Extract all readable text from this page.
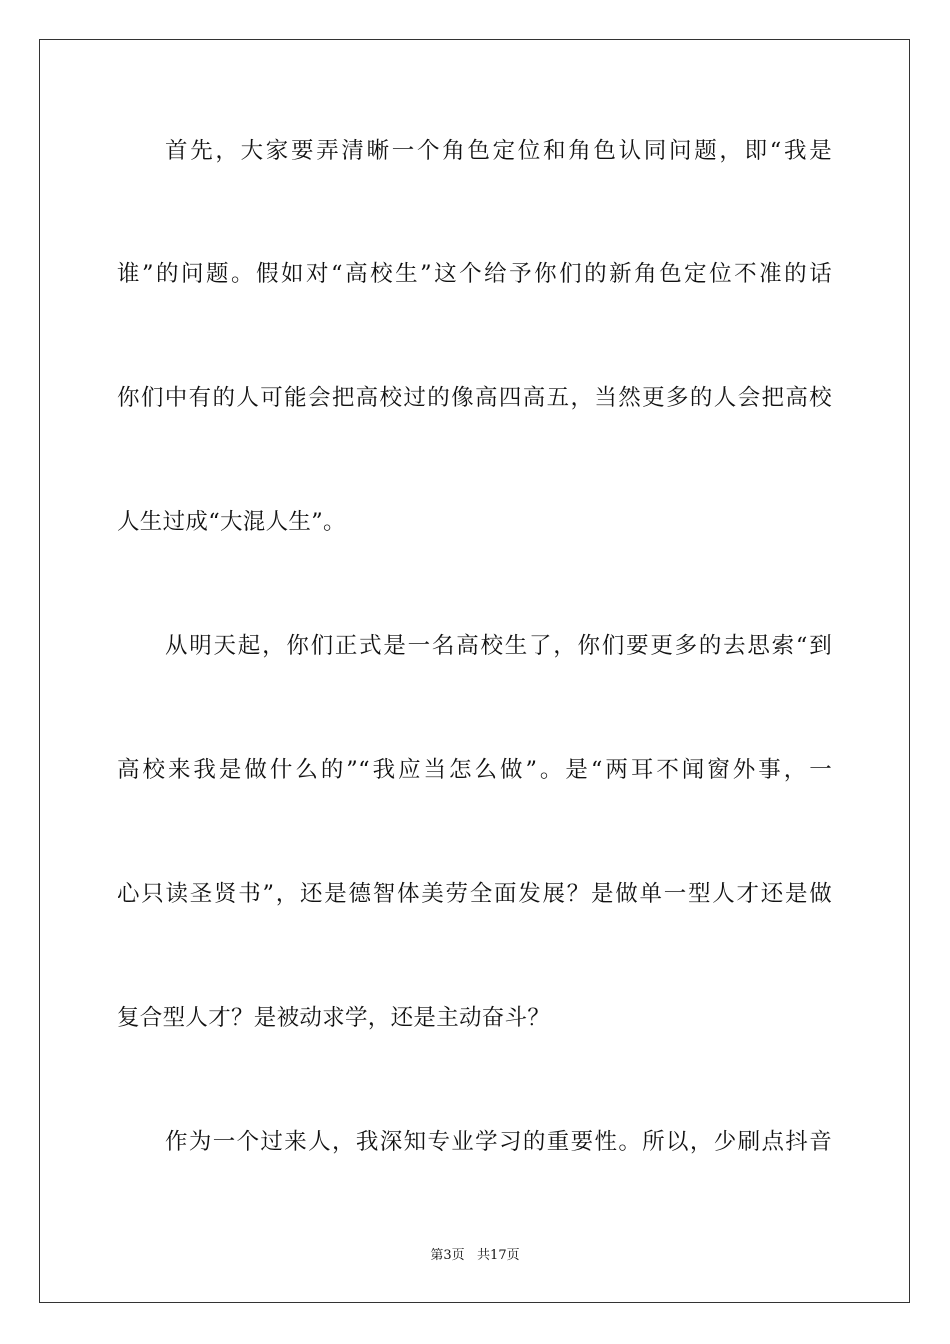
首先，大家要弄清晰一个角色定位和角色认同问题，即“我是
谁”的问题。假如对“高校生”这个给予你们的新角色定位不准的话
你们中有的人可能会把高校过的像高四高五，当然更多的人会把高校
人生过成“大混人生”。
从明天起，你们正式是一名高校生了，你们要更多的去思索“到
高校来我是做什么的”“我应当怎么做”。是“两耳不闻窗外事，一
心只读圣贤书”，还是德智体美劳全面发展？是做单一型人才还是做
复合型人才？是被动求学，还是主动奋斗？
作为一个过来人，我深知专业学习的重要性。所以，少刷点抖音
第3页   共17页
